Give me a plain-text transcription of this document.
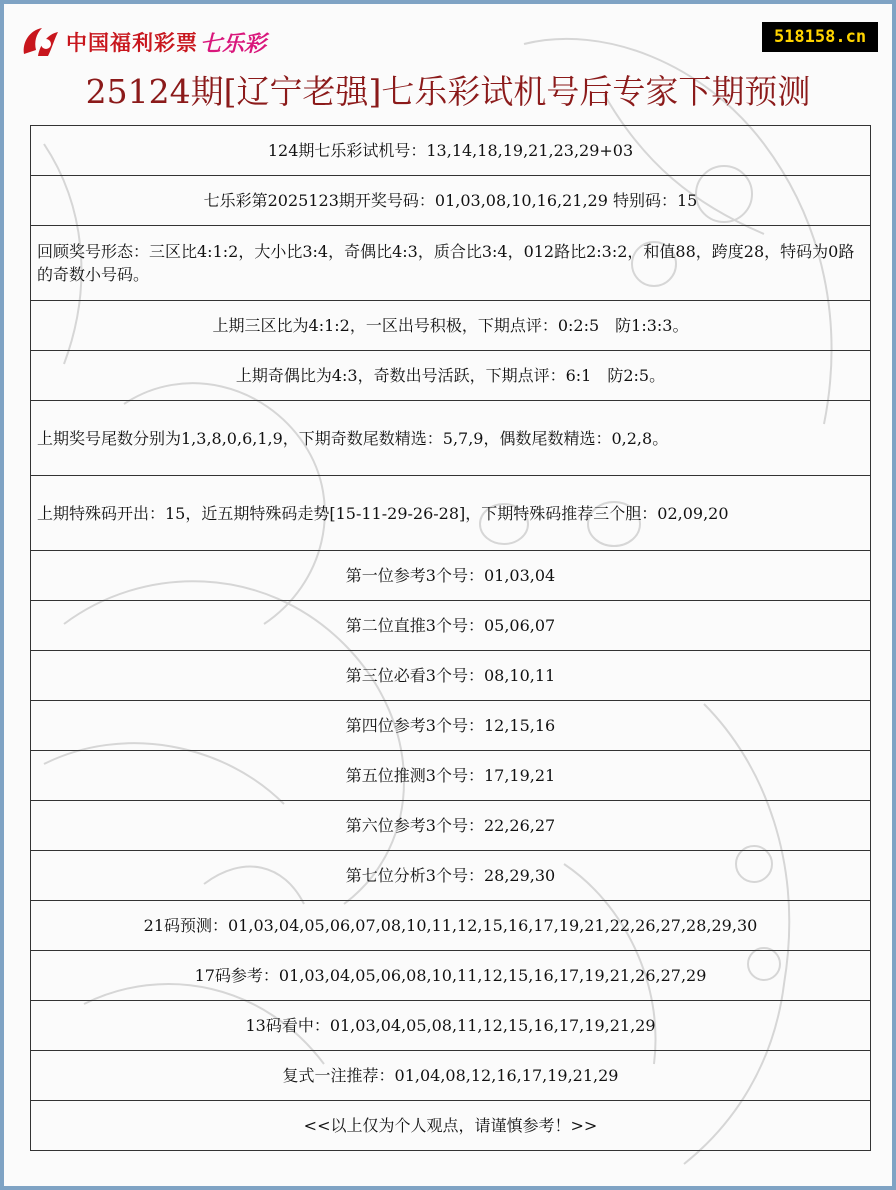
中国福利彩票 七乐彩	518158.cn
25124期[辽宁老强]七乐彩试机号后专家下期预测
124期七乐彩试机号：13,14,18,19,21,23,29+03
七乐彩第2025123期开奖号码：01,03,08,10,16,21,29 特别码：15
回顾奖号形态：三区比4:1:2，大小比3:4，奇偶比4:3，质合比3:4，012路比2:3:2，和值88，跨度28，特码为0路的奇数小号码。
上期三区比为4:1:2，一区出号积极，下期点评：0:2:5　防1:3:3。
上期奇偶比为4:3，奇数出号活跃，下期点评：6:1　防2:5。
上期奖号尾数分别为1,3,8,0,6,1,9，下期奇数尾数精选：5,7,9，偶数尾数精选：0,2,8。
上期特殊码开出：15，近五期特殊码走势[15-11-29-26-28]，下期特殊码推荐三个胆：02,09,20
第一位参考3个号：01,03,04
第二位直推3个号：05,06,07
第三位必看3个号：08,10,11
第四位参考3个号：12,15,16
第五位推测3个号：17,19,21
第六位参考3个号：22,26,27
第七位分析3个号：28,29,30
21码预测：01,03,04,05,06,07,08,10,11,12,15,16,17,19,21,22,26,27,28,29,30
17码参考：01,03,04,05,06,08,10,11,12,15,16,17,19,21,26,27,29
13码看中：01,03,04,05,08,11,12,15,16,17,19,21,29
复式一注推荐：01,04,08,12,16,17,19,21,29
<<以上仅为个人观点，请谨慎参考！>>
